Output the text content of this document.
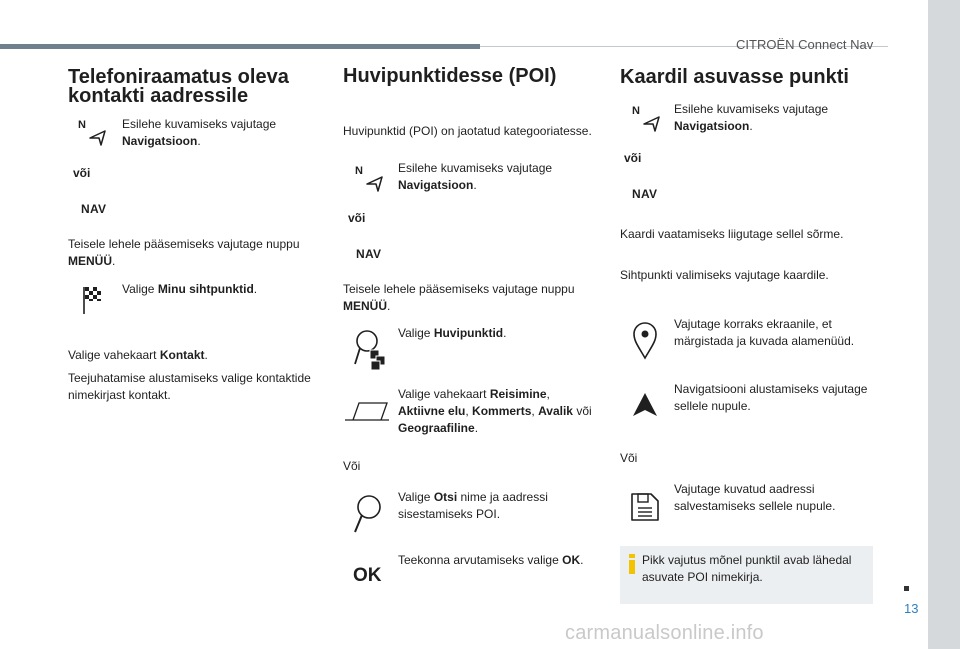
CITROËN Connect Nav
13
carmanualsonline.info
Telefoniraamatus oleva
kontakti aadressile
N	Esilehe kuvamiseks vajutage
Navigatsioon.
või
NAV
Teisele lehele pääsemiseks vajutage nuppu
MENÜÜ.
Valige Minu sihtpunktid.
Valige vahekaart Kontakt.
Teejuhatamise alustamiseks valige kontaktide nimekirjast kontakt.
Huvipunktidesse (POI)
Huvipunktid (POI) on jaotatud kategooriatesse.
N	Esilehe kuvamiseks vajutage
Navigatsioon.
või
NAV
Teisele lehele pääsemiseks vajutage nuppu
MENÜÜ.
Valige Huvipunktid.
Valige vahekaart Reisimine,
Aktiivne elu, Kommerts, Avalik või
Geograafiline.
Või
Valige Otsi nime ja aadressi sisestamiseks POI.
OK
Teekonna arvutamiseks valige OK.
Kaardil asuvasse punkti
N	Esilehe kuvamiseks vajutage
Navigatsioon.
või
NAV
Kaardi vaatamiseks liigutage sellel sõrme.
Sihtpunkti valimiseks vajutage kaardile.
Vajutage korraks ekraanile, et märgistada ja kuvada alamenüüd.
Navigatsiooni alustamiseks vajutage sellele nupule.
Või
Vajutage kuvatud aadressi salvestamiseks sellele nupule.
Pikk vajutus mõnel punktil avab lähedal asuvate POI nimekirja.
